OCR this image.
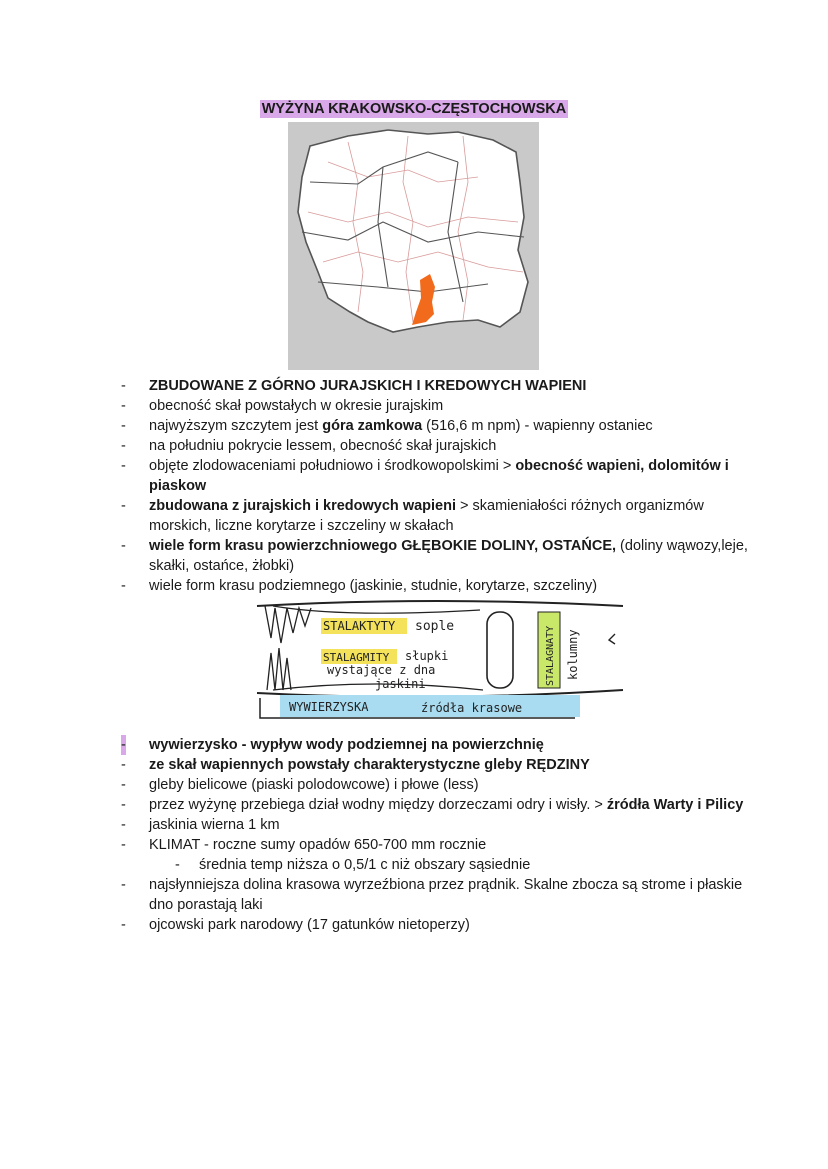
WYŻYNA KRAKOWSKO-CZĘSTOCHOWSKA
- ZBUDOWANE Z GÓRNO JURAJSKICH I KREDOWYCH WAPIENI
- obecność skał powstałych w okresie jurajskim
- najwyższym szczytem jest góra zamkowa (516,6 m npm) - wapienny ostaniec
- na południu pokrycie lessem, obecność skał jurajskich
- objęte zlodowaceniami południowo i środkowopolskimi > obecność wapieni, dolomitów i piaskow
- zbudowana z jurajskich i kredowych wapieni > skamieniałości różnych organizmów morskich, liczne korytarze i szczeliny w skałach
- wiele form krasu powierzchniowego GŁĘBOKIE DOLINY, OSTAŃCE, (doliny wąwozy,leje, skałki, ostańce, żłobki)
- wiele form krasu podziemnego (jaskinie, studnie, korytarze, szczeliny)
STALAKTYTY sople
STALAGMITY słupki
wystające z dna
jaskini
WYWIERZYSKA	źródła krasowe
STALAGNATY kolumny
- wywierzysko - wypływ wody podziemnej na powierzchnię
- ze skał wapiennych powstały charakterystyczne gleby RĘDZINY
- gleby bielicowe (piaski polodowcowe) i płowe (less)
- przez wyżynę przebiega dział wodny między dorzeczami odry i wisły. > źródła Warty i Pilicy
- jaskinia wierna 1 km
- KLIMAT - roczne sumy opadów 650-700 mm rocznie
- średnia temp niższa o 0,5/1 c niż obszary sąsiednie
- najsłynniejsza dolina krasowa wyrzeźbiona przez prądnik. Skalne zbocza są strome i płaskie dno porastają laki
- ojcowski park narodowy (17 gatunków nietoperzy)
